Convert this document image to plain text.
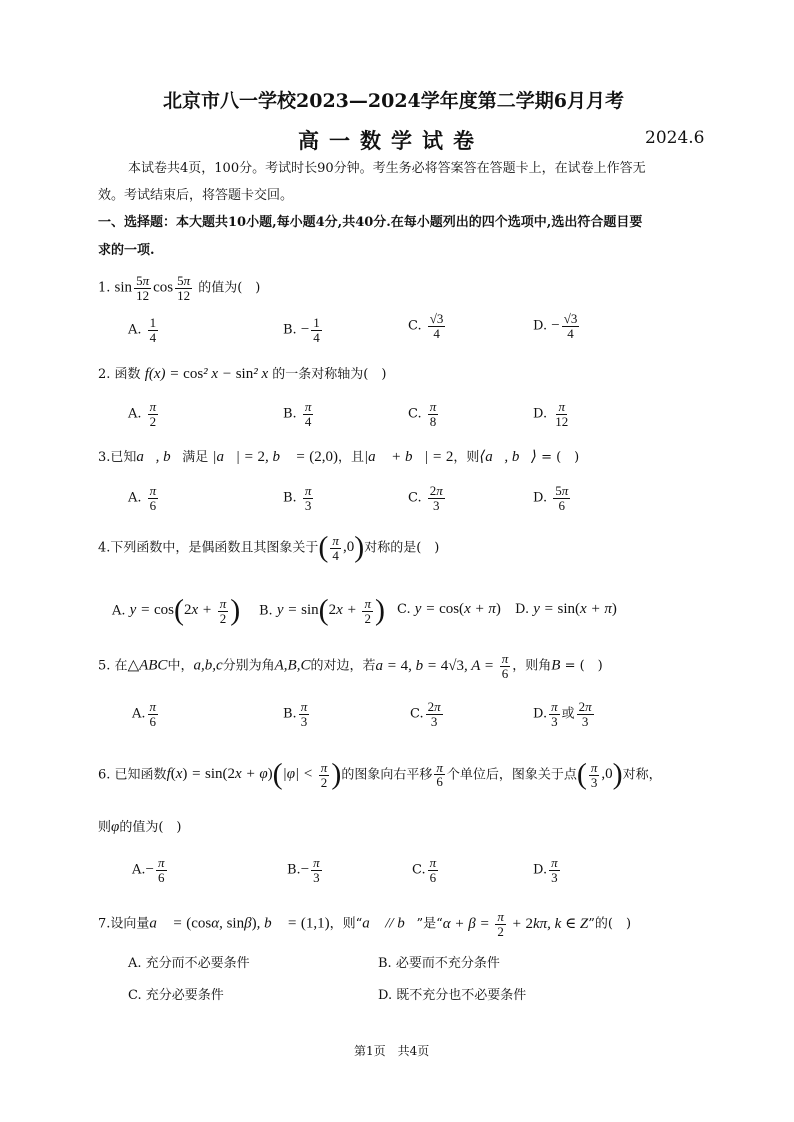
北京市八一学校2023—2024学年度第二学期6月月考
高一数学试卷	2024.6
本试卷共4页，100分。考试时长90分钟。考生务必将答案答在答题卡上，在试卷上作答无
效。考试结束后，将答题卡交回。
一、选择题：本大题共10小题,每小题4分,共40分.在每小题列出的四个选项中,选出符合题目要
求的一项.
1. $\sin \frac{5\pi}{12}$ $\cos \frac{5\pi}{12}$ 的值为(　)
A. $\frac{1}{4}$	B. − $\frac{1}{4}$	C. $\frac{√3}{4}$	D. − $\frac{√3}{4}$
2. 函数 f(x) = cos² x − sin² x 的一条对称轴为(　)
A. $\frac{\pi}{2}$	B. $\frac{\pi}{4}$	C. $\frac{\pi}{8}$	D. $\frac{\pi}{12}$
3.已知a⃗, b⃗满足 |a⃗| = 2, b⃗ = (2,0)，且|a⃗ + b⃗| = 2，则⟨a⃗, b⃗⟩ = (　)
A. $\frac{\pi}{6}$	B. $\frac{\pi}{3}$	C. $\frac{2\pi}{3}$	D. $\frac{5\pi}{6}$
4.下列函数中，是偶函数且其图象关于( $\frac{\pi}{4} ,0$)对称的是(　)
A. $y = \cos(2x + \frac{\pi}{2}$ ) B. $y = \sin(2x + \frac{\pi}{2}$ ) C. y = cos(x + π) D. y = sin(x + π)
5. 在△ABC中，a,b,c分别为角A,B,C的对边，若a = 4, b = 4√3, $A = \frac{\pi}{6}$ ，则角B = (　)
A. $\frac{\pi}{6}$	B. $\frac{\pi}{3}$	C. $\frac{2\pi}{3}$	D. $\frac{\pi}{3}$ 或 $\frac{2\pi}{3}$
6. 已知函数$f(x) = \sin(2x + \varphi)(|\varphi| < \frac{\pi}{2}$ )的图象向右平移 $\frac{\pi}{6}$ 个单位后，图象关于点( $\frac{\pi}{3} ,0$)对称，
则φ的值为(　)
$A.- \frac{\pi}{6}$	$B.- \frac{\pi}{3}$	C. $\frac{\pi}{6}$	D. $\frac{\pi}{3}$
7.设向量a⃗ = (cosα, sinβ), b⃗ = (1,1)，则“a⃗ // b⃗”是“$\alpha + \beta = \frac{\pi}{2} + 2k\pi$, k ∈ Z”的(　)
A. 充分而不必要条件	B. 必要而不充分条件
C. 充分必要条件	D. 既不充分也不必要条件
第1页　共4页
